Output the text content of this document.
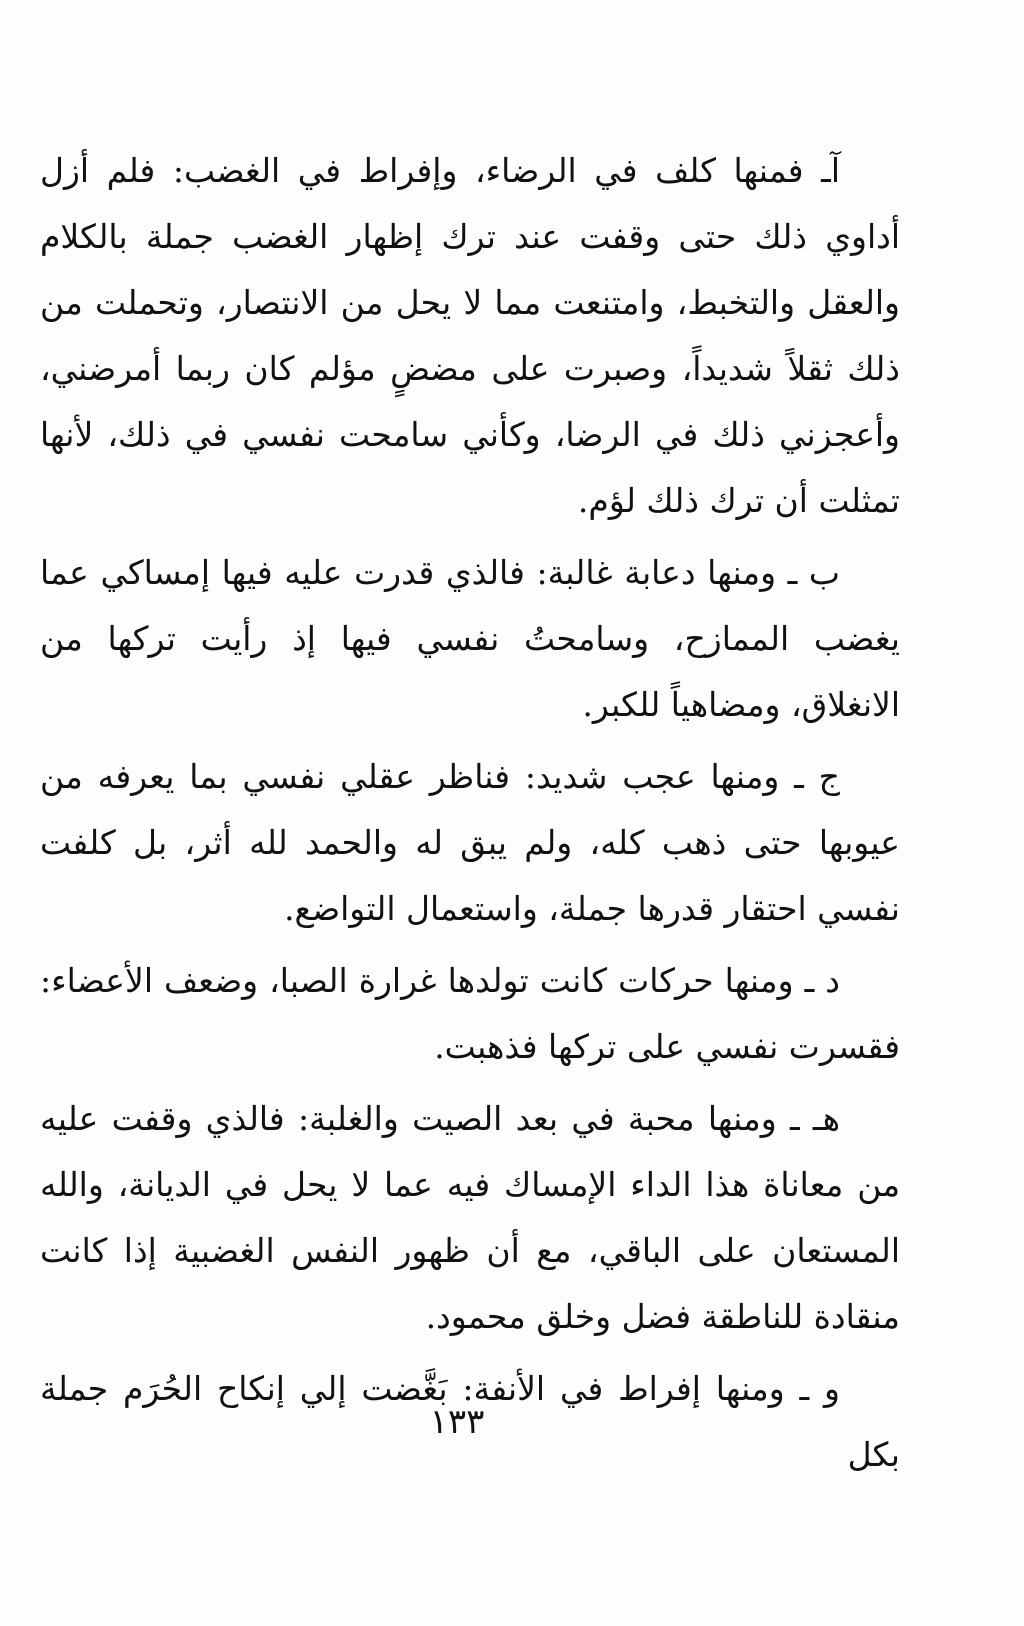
آـ فمنها كلف في الرضاء، وإفراط في الغضب: فلم أزل أداوي ذلك حتى وقفت عند ترك إظهار الغضب جملة بالكلام والعقل والتخبط، وامتنعت مما لا يحل من الانتصار، وتحملت من ذلك ثقلاً شديداً، وصبرت على مضضٍ مؤلم كان ربما أمرضني، وأعجزني ذلك في الرضا، وكأني سامحت نفسي في ذلك، لأنها تمثلت أن ترك ذلك لؤم.

ب ـ ومنها دعابة غالبة: فالذي قدرت عليه فيها إمساكي عما يغضب الممازح، وسامحتُ نفسي فيها إذ رأيت تركها من الانغلاق، ومضاهياً للكبر.

ج ـ ومنها عجب شديد: فناظر عقلي نفسي بما يعرفه من عيوبها حتى ذهب كله، ولم يبق له والحمد لله أثر، بل كلفت نفسي احتقار قدرها جملة، واستعمال التواضع.

د ـ ومنها حركات كانت تولدها غرارة الصبا، وضعف الأعضاء: فقسرت نفسي على تركها فذهبت.

هـ ـ ومنها محبة في بعد الصيت والغلبة: فالذي وقفت عليه من معاناة هذا الداء الإمساك فيه عما لا يحل في الديانة، والله المستعان على الباقي، مع أن ظهور النفس الغضبية إذا كانت منقادة للناطقة فضل وخلق محمود.

و ـ ومنها إفراط في الأنفة: بَغَّضت إلي إنكاح الحُرَم جملة بكل

١٣٣
